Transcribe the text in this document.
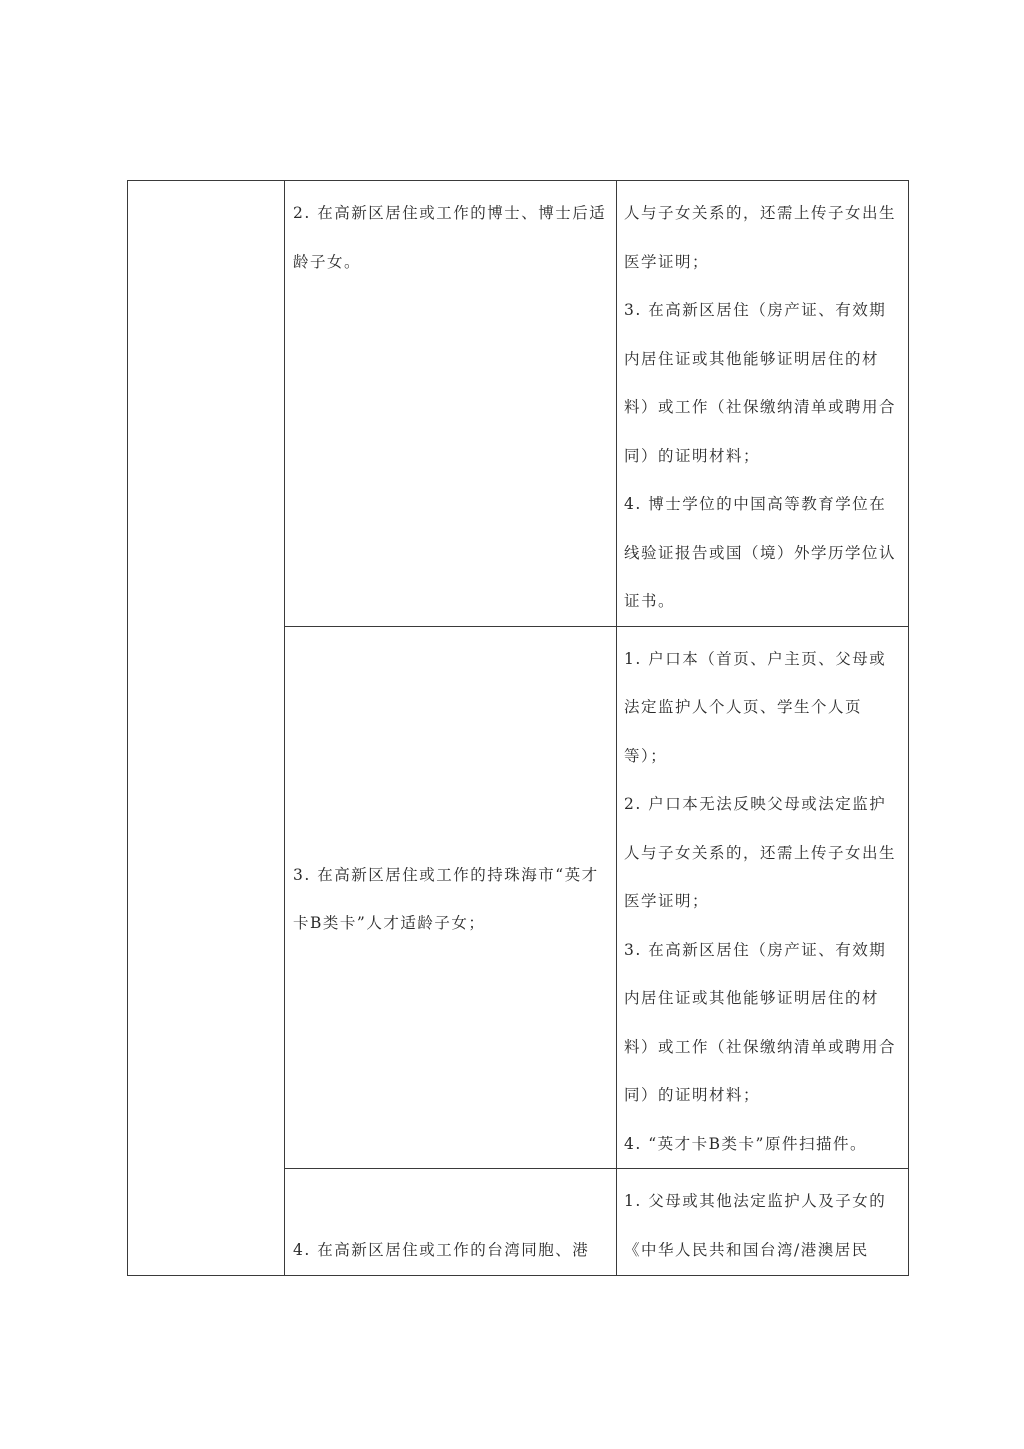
	2. 在高新区居住或工作的博士、博士后适龄子女。	人与子女关系的，还需上传子女出生医学证明；
3. 在高新区居住（房产证、有效期内居住证或其他能够证明居住的材料）或工作（社保缴纳清单或聘用合同）的证明材料；
4. 博士学位的中国高等教育学位在线验证报告或国（境）外学历学位认证书。

	3. 在高新区居住或工作的持珠海市“英才卡B类卡”人才适龄子女；	1. 户口本（首页、户主页、父母或法定监护人个人页、学生个人页等）；
2. 户口本无法反映父母或法定监护人与子女关系的，还需上传子女出生医学证明；
3. 在高新区居住（房产证、有效期内居住证或其他能够证明居住的材料）或工作（社保缴纳清单或聘用合同）的证明材料；
4. “英才卡B类卡”原件扫描件。

	4. 在高新区居住或工作的台湾同胞、港	1. 父母或其他法定监护人及子女的《中华人民共和国台湾/港澳居民
